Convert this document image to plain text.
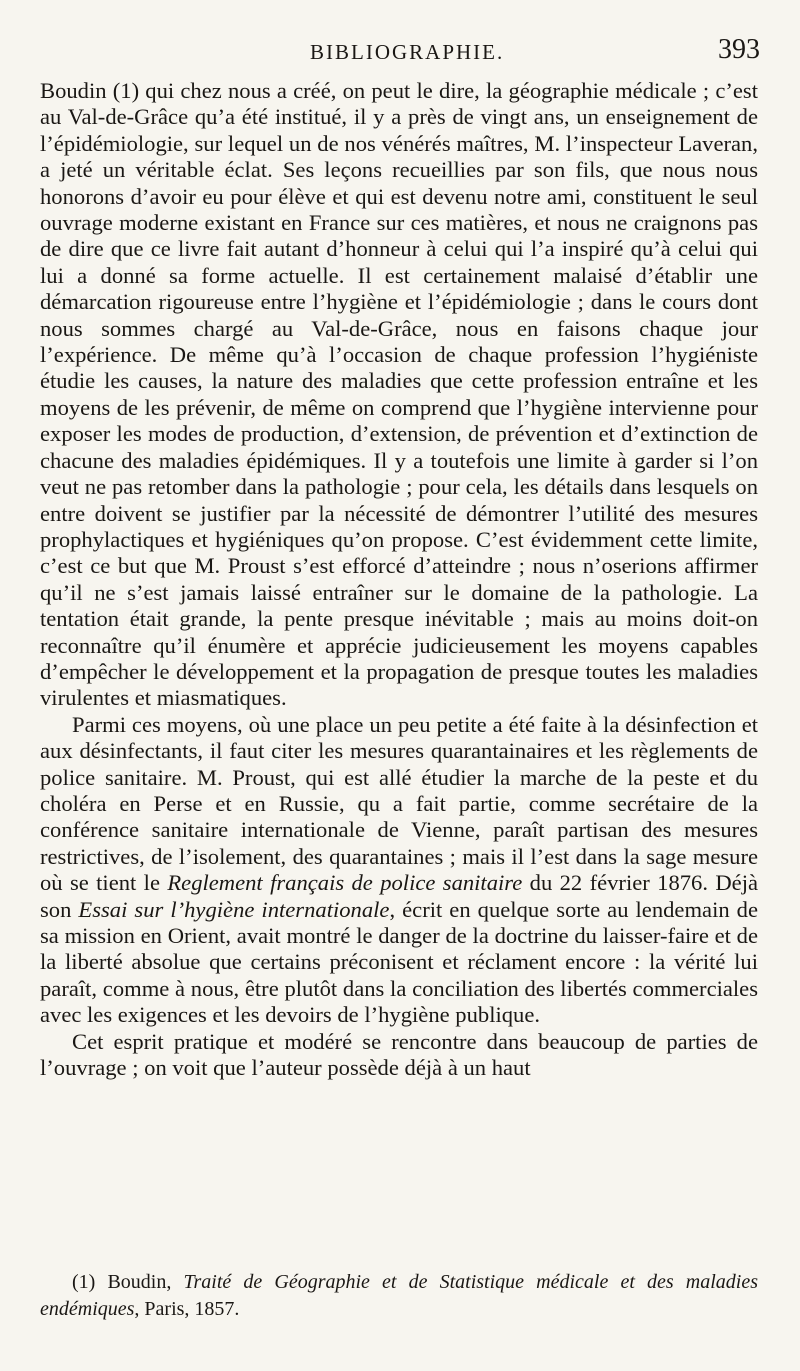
BIBLIOGRAPHIE.	393

Boudin (1) qui chez nous a créé, on peut le dire, la géographie médicale ; c’est au Val-de-Grâce qu’a été institué, il y a près de vingt ans, un enseignement de l’épidémiologie, sur lequel un de nos vénérés maîtres, M. l’inspecteur Laveran, a jeté un véritable éclat. Ses leçons recueillies par son fils, que nous nous honorons d’avoir eu pour élève et qui est devenu notre ami, constituent le seul ouvrage moderne existant en France sur ces matières, et nous ne craignons pas de dire que ce livre fait autant d’honneur à celui qui l’a inspiré qu’à celui qui lui a donné sa forme actuelle. Il est certainement malaisé d’établir une démarcation rigoureuse entre l’hygiène et l’épidémiologie ; dans le cours dont nous sommes chargé au Val-de-Grâce, nous en faisons chaque jour l’expérience. De même qu’à l’occasion de chaque profession l’hygiéniste étudie les causes, la nature des maladies que cette profession entraîne et les moyens de les prévenir, de même on comprend que l’hygiène intervienne pour exposer les modes de production, d’extension, de prévention et d’extinction de chacune des maladies épidémiques. Il y a toutefois une limite à garder si l’on veut ne pas retomber dans la pathologie ; pour cela, les détails dans lesquels on entre doivent se justifier par la nécessité de démontrer l’utilité des mesures prophylactiques et hygiéniques qu’on propose. C’est évidemment cette limite, c’est ce but que M. Proust s’est efforcé d’atteindre ; nous n’oserions affirmer qu’il ne s’est jamais laissé entraîner sur le domaine de la pathologie. La tentation était grande, la pente presque inévitable ; mais au moins doit-on reconnaître qu’il énumère et apprécie judicieusement les moyens capables d’empêcher le développement et la propagation de presque toutes les maladies virulentes et miasmatiques.

Parmi ces moyens, où une place un peu petite a été faite à la désinfection et aux désinfectants, il faut citer les mesures quarantainaires et les règlements de police sanitaire. M. Proust, qui est allé étudier la marche de la peste et du choléra en Perse et en Russie, qu a fait partie, comme secrétaire de la conférence sanitaire internationale de Vienne, paraît partisan des mesures restrictives, de l’isolement, des quarantaines ; mais il l’est dans la sage mesure où se tient le Reglement français de police sanitaire du 22 février 1876. Déjà son Essai sur l’hygiène internationale, écrit en quelque sorte au lendemain de sa mission en Orient, avait montré le danger de la doctrine du laisser-faire et de la liberté absolue que certains préconisent et réclament encore : la vérité lui paraît, comme à nous, être plutôt dans la conciliation des libertés commerciales avec les exigences et les devoirs de l’hygiène publique.

Cet esprit pratique et modéré se rencontre dans beaucoup de parties de l’ouvrage ; on voit que l’auteur possède déjà à un haut

(1) Boudin, Traité de Géographie et de Statistique médicale et des maladies endémiques, Paris, 1857.
